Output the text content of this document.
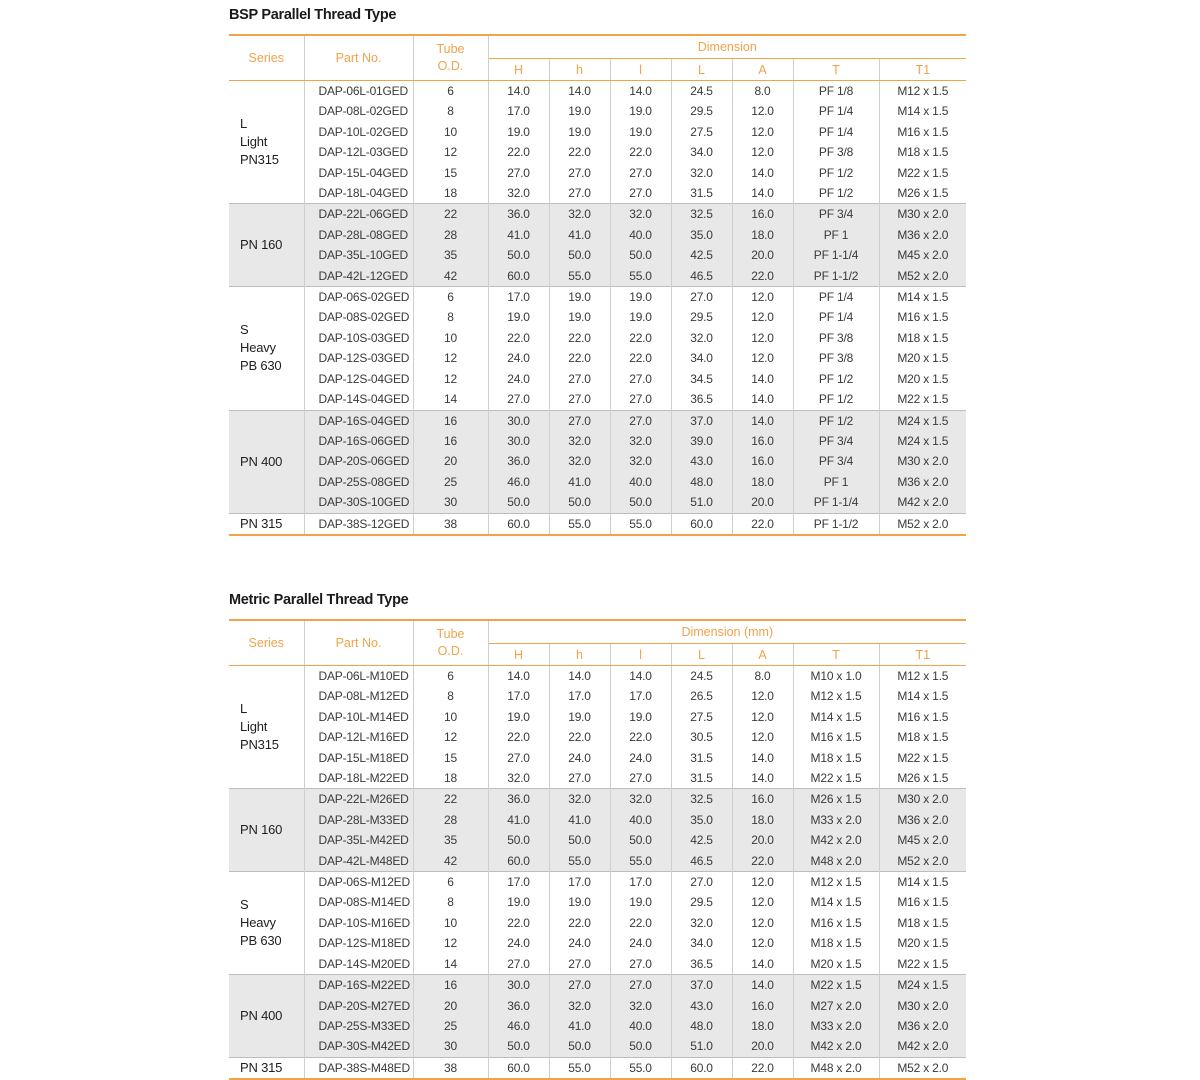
BSP Parallel Thread Type
Series	Part No.	Tube
O.D.	Dimension						
			H	h	l	L	A	T	T1
L
Light
PN315	DAP-06L-01GED	6	14.0	14.0	14.0	24.5	8.0	PF 1/8	M12 x 1.5
	DAP-08L-02GED	8	17.0	19.0	19.0	29.5	12.0	PF 1/4	M14 x 1.5
	DAP-10L-02GED	10	19.0	19.0	19.0	27.5	12.0	PF 1/4	M16 x 1.5
	DAP-12L-03GED	12	22.0	22.0	22.0	34.0	12.0	PF 3/8	M18 x 1.5
	DAP-15L-04GED	15	27.0	27.0	27.0	32.0	14.0	PF 1/2	M22 x 1.5
	DAP-18L-04GED	18	32.0	27.0	27.0	31.5	14.0	PF 1/2	M26 x 1.5
PN 160	DAP-22L-06GED	22	36.0	32.0	32.0	32.5	16.0	PF 3/4	M30 x 2.0
	DAP-28L-08GED	28	41.0	41.0	40.0	35.0	18.0	PF 1	M36 x 2.0
	DAP-35L-10GED	35	50.0	50.0	50.0	42.5	20.0	PF 1-1/4	M45 x 2.0
	DAP-42L-12GED	42	60.0	55.0	55.0	46.5	22.0	PF 1-1/2	M52 x 2.0
S
Heavy
PB 630	DAP-06S-02GED	6	17.0	19.0	19.0	27.0	12.0	PF 1/4	M14 x 1.5
	DAP-08S-02GED	8	19.0	19.0	19.0	29.5	12.0	PF 1/4	M16 x 1.5
	DAP-10S-03GED	10	22.0	22.0	22.0	32.0	12.0	PF 3/8	M18 x 1.5
	DAP-12S-03GED	12	24.0	22.0	22.0	34.0	12.0	PF 3/8	M20 x 1.5
	DAP-12S-04GED	12	24.0	27.0	27.0	34.5	14.0	PF 1/2	M20 x 1.5
	DAP-14S-04GED	14	27.0	27.0	27.0	36.5	14.0	PF 1/2	M22 x 1.5
PN 400	DAP-16S-04GED	16	30.0	27.0	27.0	37.0	14.0	PF 1/2	M24 x 1.5
	DAP-16S-06GED	16	30.0	32.0	32.0	39.0	16.0	PF 3/4	M24 x 1.5
	DAP-20S-06GED	20	36.0	32.0	32.0	43.0	16.0	PF 3/4	M30 x 2.0
	DAP-25S-08GED	25	46.0	41.0	40.0	48.0	18.0	PF 1	M36 x 2.0
	DAP-30S-10GED	30	50.0	50.0	50.0	51.0	20.0	PF 1-1/4	M42 x 2.0
PN 315	DAP-38S-12GED	38	60.0	55.0	55.0	60.0	22.0	PF 1-1/2	M52 x 2.0
Metric Parallel Thread Type
Series	Part No.	Tube
O.D.	Dimension (mm)						
			H	h	l	L	A	T	T1
L
Light
PN315	DAP-06L-M10ED	6	14.0	14.0	14.0	24.5	8.0	M10 x 1.0	M12 x 1.5
	DAP-08L-M12ED	8	17.0	17.0	17.0	26.5	12.0	M12 x 1.5	M14 x 1.5
	DAP-10L-M14ED	10	19.0	19.0	19.0	27.5	12.0	M14 x 1.5	M16 x 1.5
	DAP-12L-M16ED	12	22.0	22.0	22.0	30.5	12.0	M16 x 1.5	M18 x 1.5
	DAP-15L-M18ED	15	27.0	24.0	24.0	31.5	14.0	M18 x 1.5	M22 x 1.5
	DAP-18L-M22ED	18	32.0	27.0	27.0	31.5	14.0	M22 x 1.5	M26 x 1.5
PN 160	DAP-22L-M26ED	22	36.0	32.0	32.0	32.5	16.0	M26 x 1.5	M30 x 2.0
	DAP-28L-M33ED	28	41.0	41.0	40.0	35.0	18.0	M33 x 2.0	M36 x 2.0
	DAP-35L-M42ED	35	50.0	50.0	50.0	42.5	20.0	M42 x 2.0	M45 x 2.0
	DAP-42L-M48ED	42	60.0	55.0	55.0	46.5	22.0	M48 x 2.0	M52 x 2.0
S
Heavy
PB 630	DAP-06S-M12ED	6	17.0	17.0	17.0	27.0	12.0	M12 x 1.5	M14 x 1.5
	DAP-08S-M14ED	8	19.0	19.0	19.0	29.5	12.0	M14 x 1.5	M16 x 1.5
	DAP-10S-M16ED	10	22.0	22.0	22.0	32.0	12.0	M16 x 1.5	M18 x 1.5
	DAP-12S-M18ED	12	24.0	24.0	24.0	34.0	12.0	M18 x 1.5	M20 x 1.5
	DAP-14S-M20ED	14	27.0	27.0	27.0	36.5	14.0	M20 x 1.5	M22 x 1.5
PN 400	DAP-16S-M22ED	16	30.0	27.0	27.0	37.0	14.0	M22 x 1.5	M24 x 1.5
	DAP-20S-M27ED	20	36.0	32.0	32.0	43.0	16.0	M27 x 2.0	M30 x 2.0
	DAP-25S-M33ED	25	46.0	41.0	40.0	48.0	18.0	M33 x 2.0	M36 x 2.0
	DAP-30S-M42ED	30	50.0	50.0	50.0	51.0	20.0	M42 x 2.0	M42 x 2.0
PN 315	DAP-38S-M48ED	38	60.0	55.0	55.0	60.0	22.0	M48 x 2.0	M52 x 2.0
